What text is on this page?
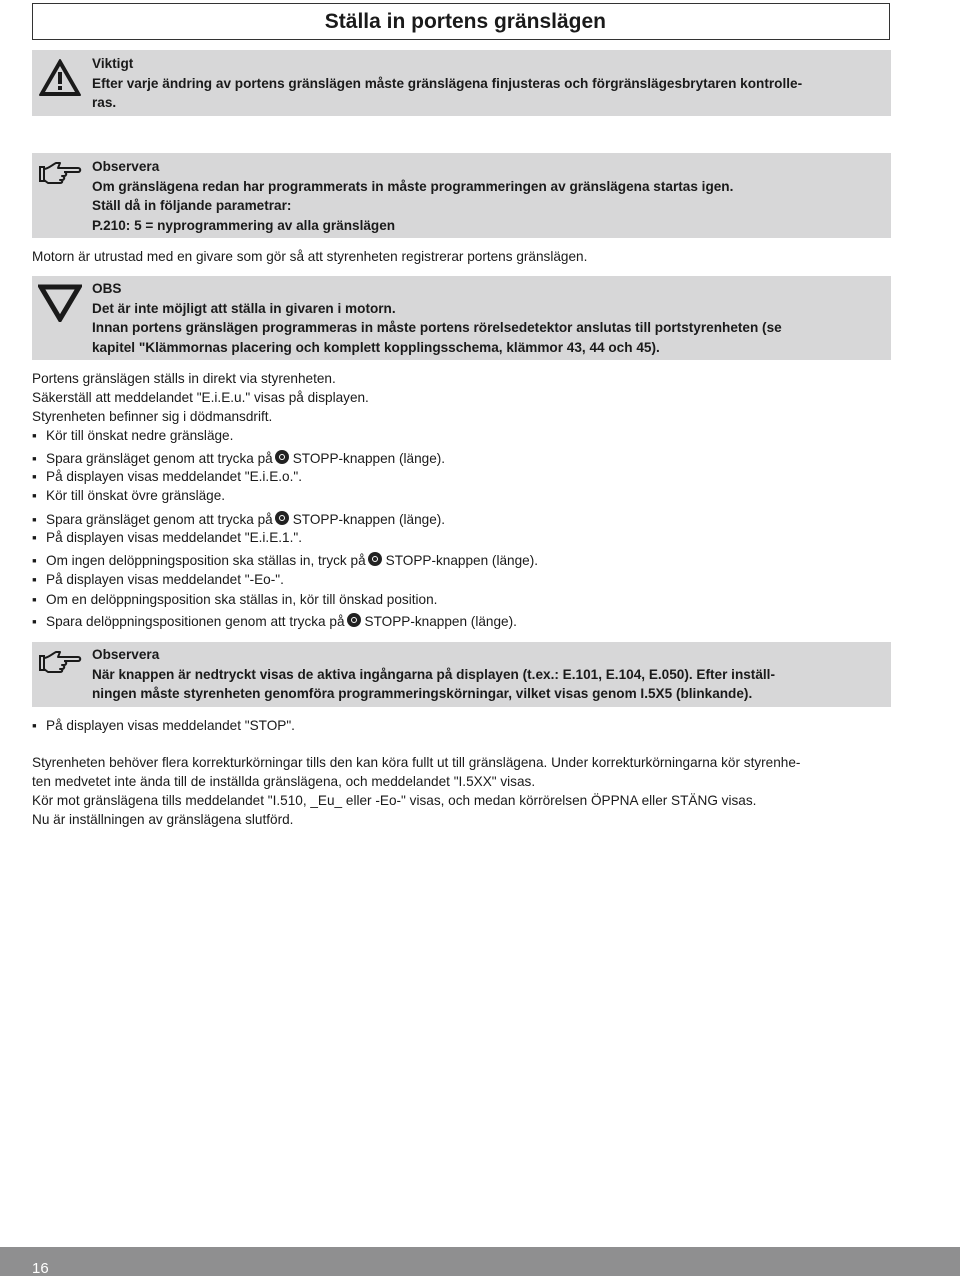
Ställa in portens gränslägen
Viktigt
Efter varje ändring av portens gränslägen måste gränslägena finjusteras och förgränslägesbrytaren kontrolle-
ras.
Observera
Om gränslägena redan har programmerats in måste programmeringen av gränslägena startas igen.
Ställ då in följande parametrar:
P.210: 5 = nyprogrammering av alla gränslägen
Motorn är utrustad med en givare som gör så att styrenheten registrerar portens gränslägen.
OBS
Det är inte möjligt att ställa in givaren i motorn.
Innan portens gränslägen programmeras in måste portens rörelsedetektor anslutas till portstyrenheten (se
kapitel "Klämmornas placering och komplett kopplingsschema, klämmor 43, 44 och 45).
Portens gränslägen ställs in direkt via styrenheten.
Säkerställ att meddelandet "E.i.E.u." visas på displayen.
Styrenheten befinner sig i dödmansdrift.
▪ Kör till önskat nedre gränsläge.
▪ Spara gränsläget genom att trycka på STOPP-knappen (länge).
▪ På displayen visas meddelandet "E.i.E.o.".
▪ Kör till önskat övre gränsläge.
▪ Spara gränsläget genom att trycka på STOPP-knappen (länge).
▪ På displayen visas meddelandet "E.i.E.1.".
▪ Om ingen delöppningsposition ska ställas in, tryck på STOPP-knappen (länge).
▪ På displayen visas meddelandet "-Eo-".
▪ Om en delöppningsposition ska ställas in, kör till önskad position.
▪ Spara delöppningspositionen genom att trycka på STOPP-knappen (länge).
Observera
När knappen är nedtryckt visas de aktiva ingångarna på displayen (t.ex.: E.101, E.104, E.050). Efter inställ-
ningen måste styrenheten genomföra programmeringskörningar, vilket visas genom I.5X5 (blinkande).
▪ På displayen visas meddelandet "STOP".
Styrenheten behöver flera korrekturkörningar tills den kan köra fullt ut till gränslägena. Under korrekturkörningarna kör styrenhe-
ten medvetet inte ända till de inställda gränslägena, och meddelandet "I.5XX" visas.
Kör mot gränslägena tills meddelandet "I.510, _Eu_ eller -Eo-" visas, och medan körrörelsen ÖPPNA eller STÄNG visas.
Nu är inställningen av gränslägena slutförd.
16
